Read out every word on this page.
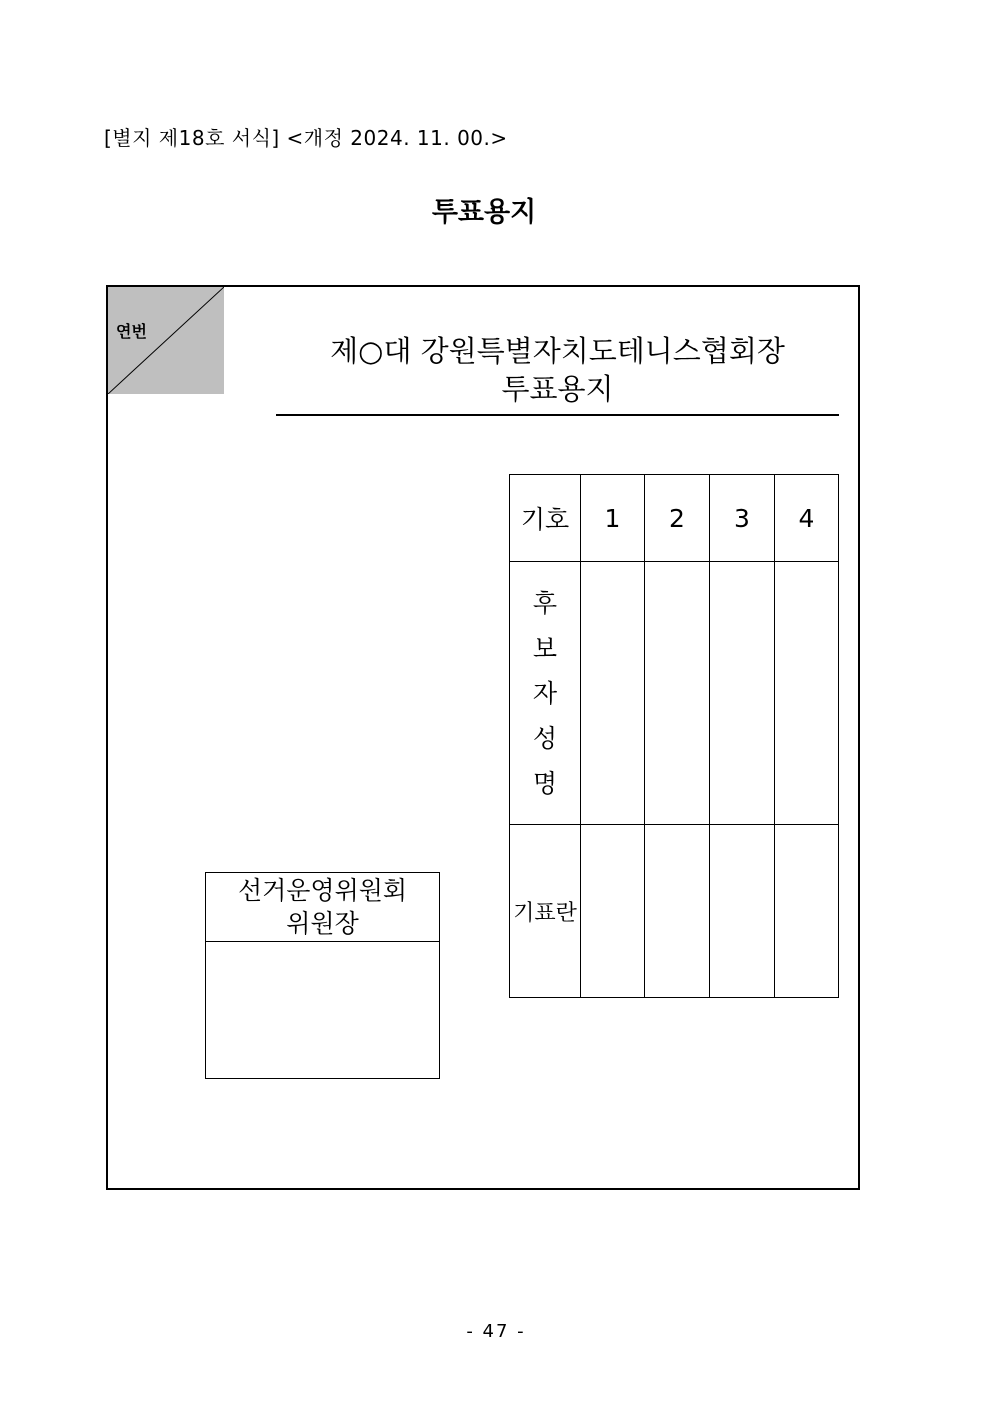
[별지 제18호 서식] <개정 2024. 11. 00.>
투표용지
연번
제○대 강원특별자치도테니스협회장
투표용지
기호	1	2	3	4

후
보
자
성
명				

기표란				
선거운영위원회
위원장
- 47 -
